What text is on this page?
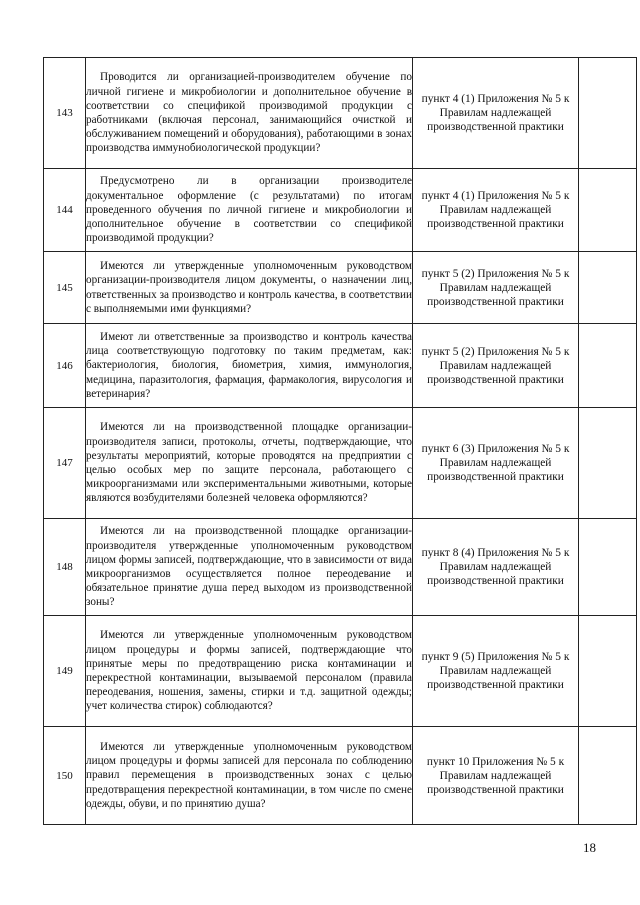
143	Проводится ли организацией-производителем обучение по личной гигиене и микробиологии и дополнительное обучение в соответствии со спецификой производимой продукции с работниками (включая персонал, занимающийся очисткой и обслуживанием помещений и оборудования), работающими в зонах производства иммунобиологической продукции?	пункт 4 (1) Приложения № 5 к Правилам надлежащей производственной практики		
144	Предусмотрено ли в организации производителе документальное оформление (с результатами) по итогам проведенного обучения по личной гигиене и микробиологии и дополнительное обучение в соответствии со спецификой производимой продукции?	пункт 4 (1) Приложения № 5 к Правилам надлежащей производственной практики		
145	Имеются ли утвержденные уполномоченным руководством организации-производителя лицом документы, о назначении лиц, ответственных за производство и контроль качества, в соответствии с выполняемыми ими функциями?	пункт 5 (2) Приложения № 5 к Правилам надлежащей производственной практики		
146	Имеют ли ответственные за производство и контроль качества лица соответствующую подготовку по таким предметам, как: бактериология, биология, биометрия, химия, иммунология, медицина, паразитология, фармация, фармакология, вирусология и ветеринария?	пункт 5 (2) Приложения № 5 к Правилам надлежащей производственной практики		
147	Имеются ли на производственной площадке организации-производителя записи, протоколы, отчеты, подтверждающие, что результаты мероприятий, которые проводятся на предприятии с целью особых мер по защите персонала, работающего с микроорганизмами или экспериментальными животными, которые являются возбудителями болезней человека оформляются?	пункт 6 (3) Приложения № 5 к Правилам надлежащей производственной практики		
148	Имеются ли на производственной площадке организации-производителя утвержденные уполномоченным руководством лицом формы записей, подтверждающие, что в зависимости от вида микроорганизмов осуществляется полное переодевание и обязательное принятие душа перед выходом из производственной зоны?	пункт 8 (4) Приложения № 5 к Правилам надлежащей производственной практики		
149	Имеются ли утвержденные уполномоченным руководством лицом процедуры и формы записей, подтверждающие что принятые меры по предотвращению риска контаминации и перекрестной контаминации, вызываемой персоналом (правила переодевания, ношения, замены, стирки и т.д. защитной одежды; учет количества стирок) соблюдаются?	пункт 9 (5) Приложения № 5 к Правилам надлежащей производственной практики		
150	Имеются ли утвержденные уполномоченным руководством лицом процедуры и формы записей для персонала по соблюдению правил перемещения в производственных зонах с целью предотвращения перекрестной контаминации, в том числе по смене одежды, обуви, и по принятию душа?	пункт 10 Приложения № 5 к Правилам надлежащей производственной практики		
18
